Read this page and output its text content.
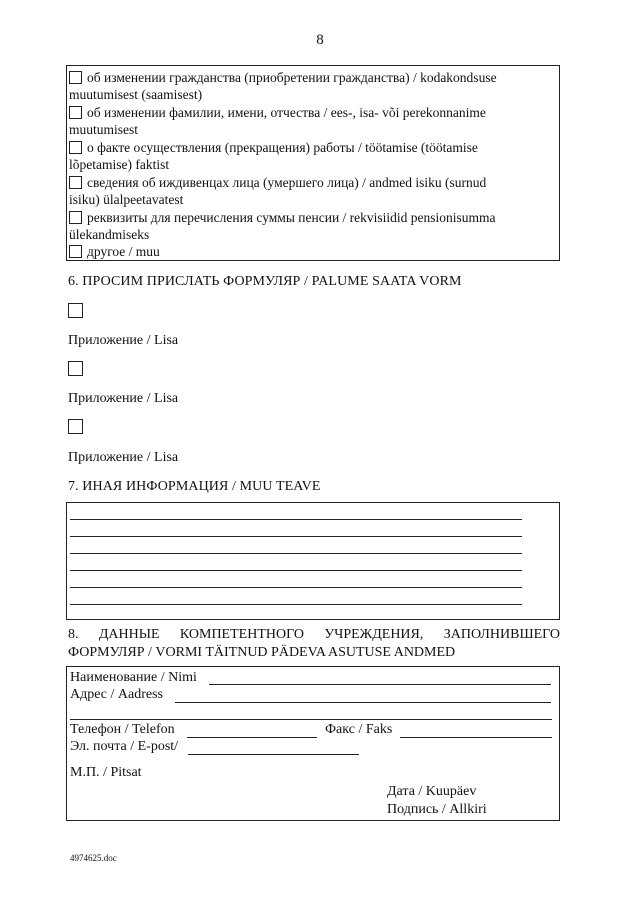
8
об изменении гражданства (приобретении гражданства) / kodakondsuse
muutumisest (saamisest)
об изменении фамилии, имени, отчества / ees-, isa- või perekonnanime
muutumisest
о факте осуществления (прекращения) работы / töötamise (töötamise
lõpetamise) faktist
сведения об иждивенцах лица (умершего лица) / andmed isiku (surnud
isiku) ülalpeetavatest
реквизиты для перечисления суммы пенсии / rekvisiidid pensionisumma
ülekandmiseks
другое / muu
6. ПРОСИМ ПРИСЛАТЬ ФОРМУЛЯР / PALUME SAATA VORM
Приложение / Lisa
Приложение / Lisa
Приложение / Lisa
7. ИНАЯ ИНФОРМАЦИЯ / MUU TEAVE
8. ДАННЫЕ КОМПЕТЕНТНОГО УЧРЕЖДЕНИЯ, ЗАПОЛНИВШЕГО
ФОРМУЛЯР / VORMI TÄITNUD PÄDEVA ASUTUSE ANDMED
Наименование / Nimi
Адрес / Aadress
Телефон / Telefon	Факс / Faks
Эл. почта / E-post/
М.П. / Pitsat
Дата / Kuupäev
Подпись / Allkiri
4974625.doc
